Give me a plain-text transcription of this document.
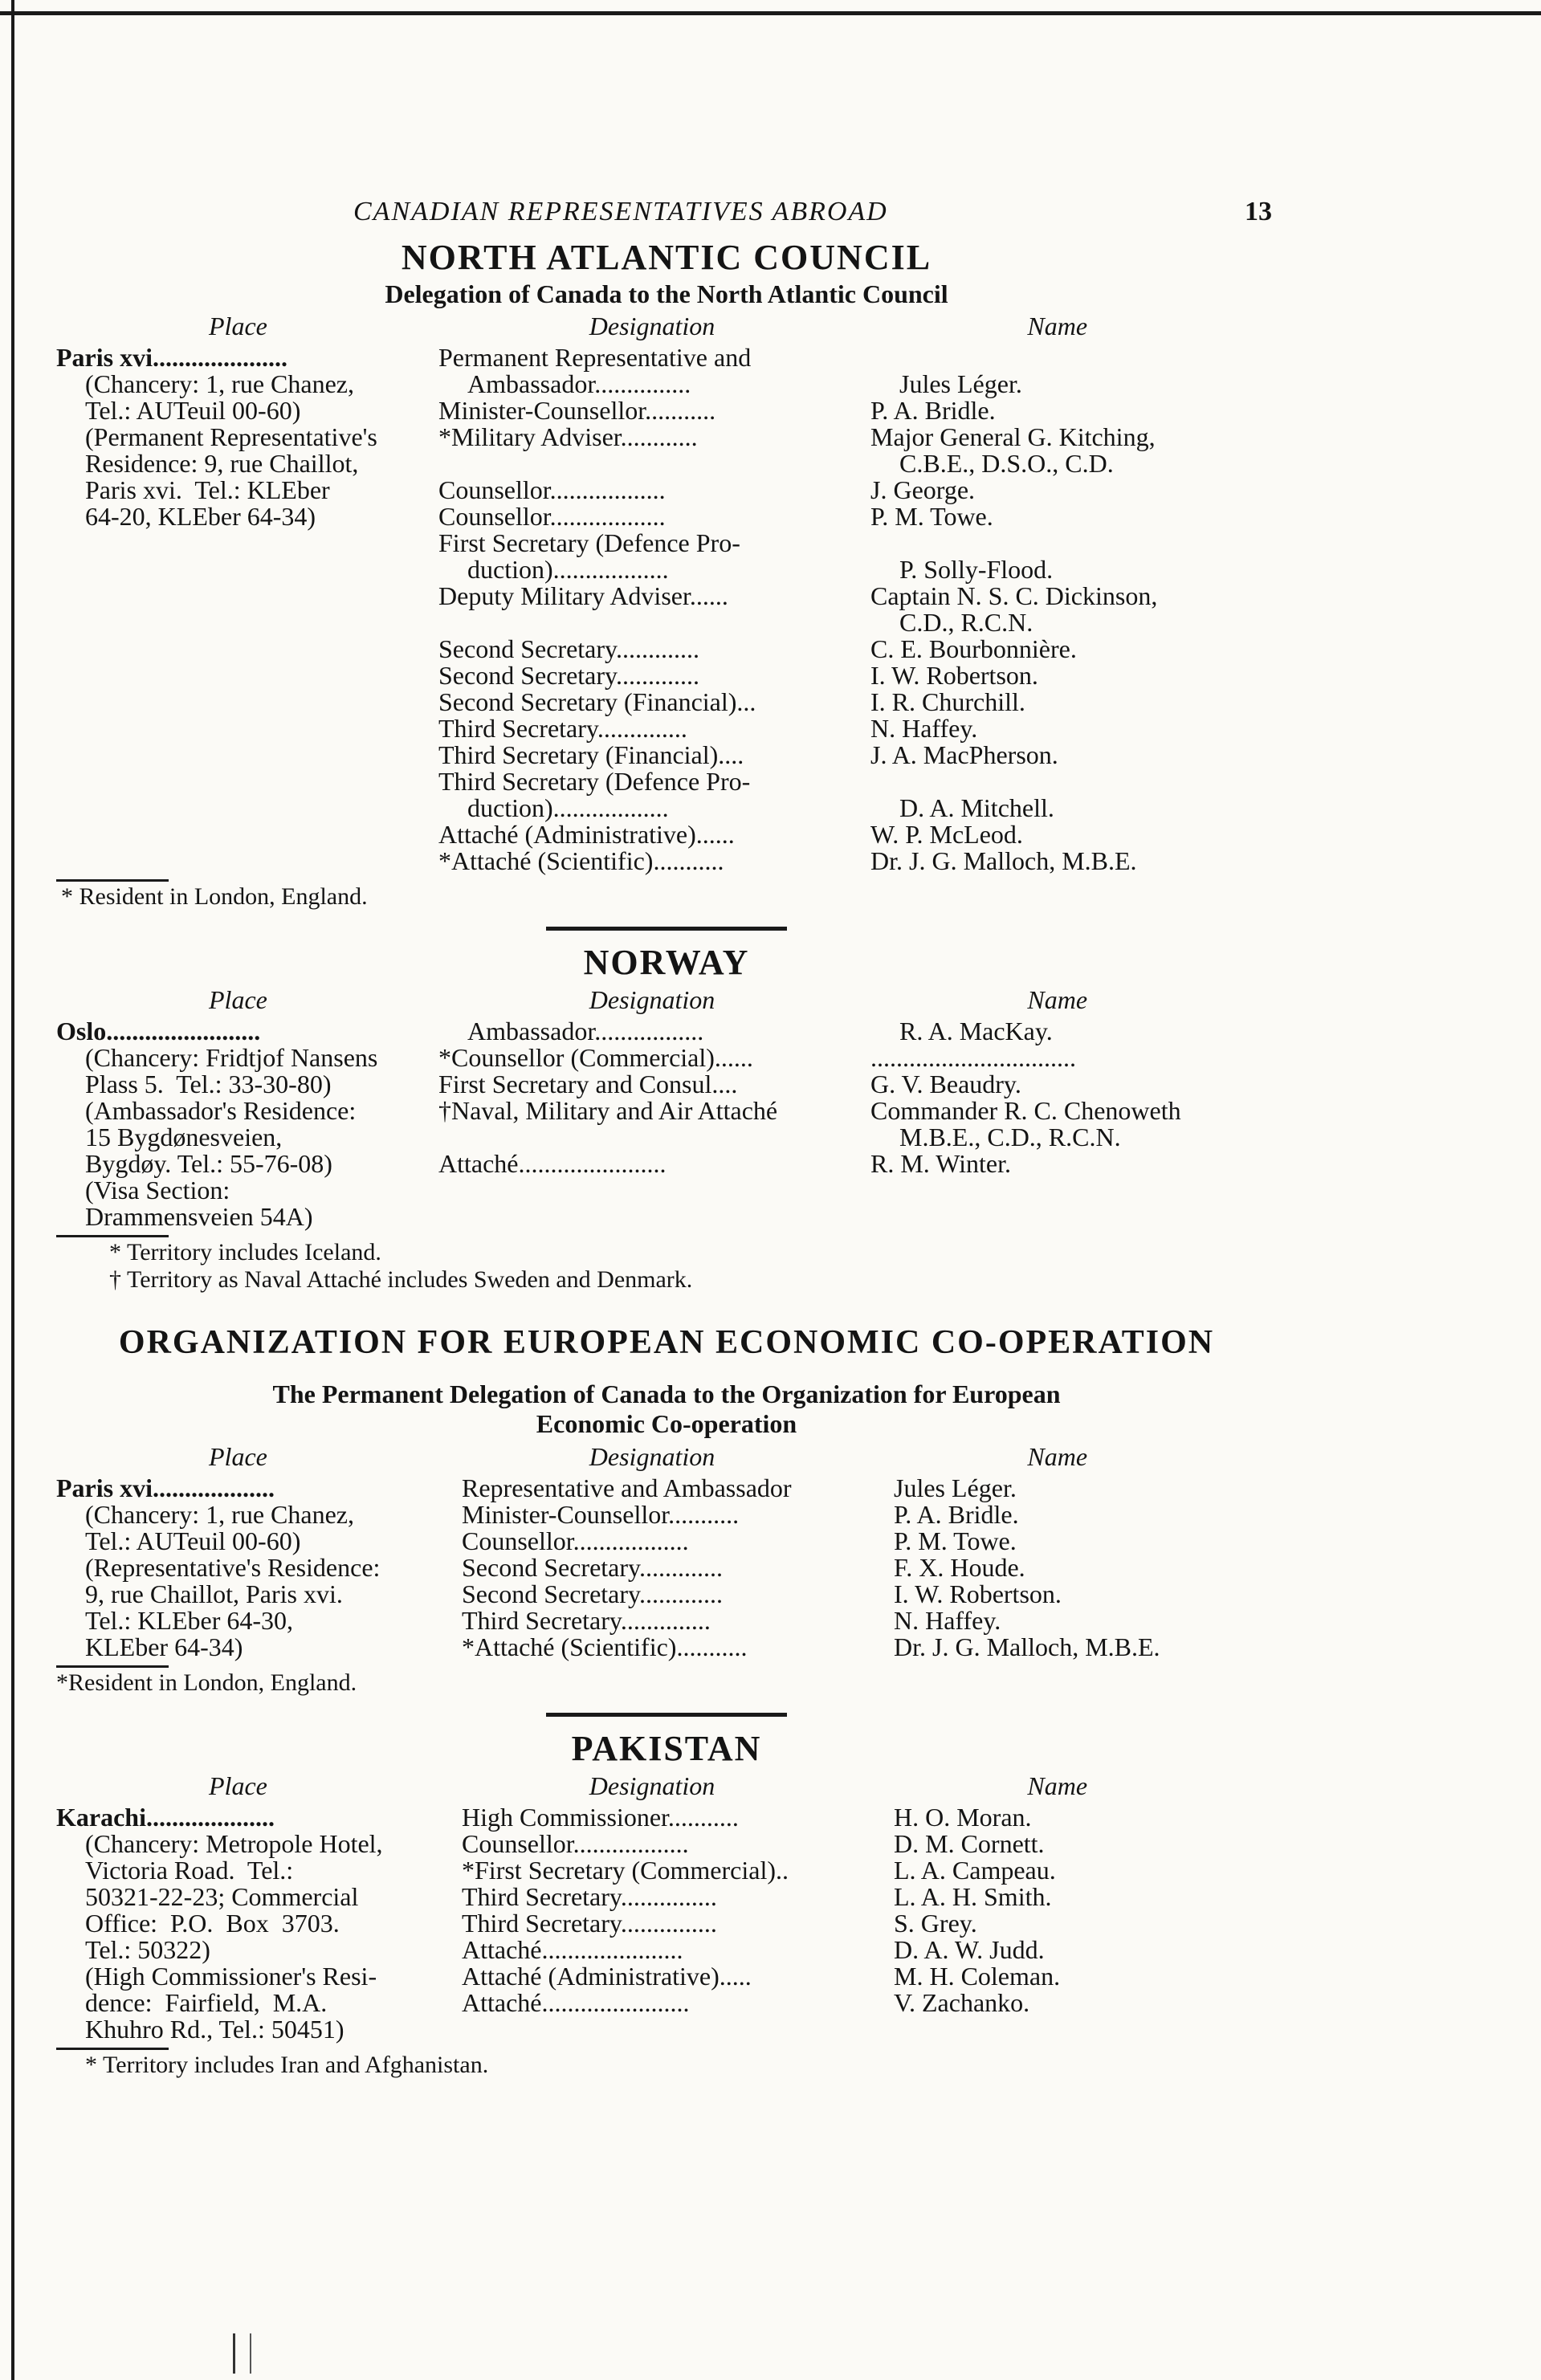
CANADIAN REPRESENTATIVES ABROAD	13
NORTH ATLANTIC COUNCIL
Delegation of Canada to the North Atlantic Council
Place	Designation	Name
Paris xvi.....................
(Chancery: 1, rue Chanez,
Tel.: AUTeuil 00-60)
(Permanent Representative's
Residence: 9, rue Chaillot,
Paris xvi.  Tel.: KLEber
64-20, KLEber 64-34)
Permanent Representative and
Ambassador...............	Jules Léger.
Minister-Counsellor...........	P. A. Bridle.
*Military Adviser............	Major General G. Kitching,
C.B.E., D.S.O., C.D.
Counsellor..................	J. George.
Counsellor..................	P. M. Towe.
First Secretary (Defence Pro-
duction)..................	P. Solly-Flood.
Deputy Military Adviser......	Captain N. S. C. Dickinson,
C.D., R.C.N.
Second Secretary.............	C. E. Bourbonnière.
Second Secretary.............	I. W. Robertson.
Second Secretary (Financial)...	I. R. Churchill.
Third Secretary..............	N. Haffey.
Third Secretary (Financial)....	J. A. MacPherson.
Third Secretary (Defence Pro-
duction)..................	D. A. Mitchell.
Attaché (Administrative)......	W. P. McLeod.
*Attaché (Scientific)...........	Dr. J. G. Malloch, M.B.E.
* Resident in London, England.
NORWAY
Place	Designation	Name
Oslo........................
(Chancery: Fridtjof Nansens
Plass 5.  Tel.: 33-30-80)
(Ambassador's Residence:
15 Bygdønesveien,
Bygdøy. Tel.: 55-76-08)
(Visa Section:
Drammensveien 54A)
Ambassador.................	R. A. MacKay.
*Counsellor (Commercial)......	................................
First Secretary and Consul....	G. V. Beaudry.
†Naval, Military and Air Attaché	Commander R. C. Chenoweth
M.B.E., C.D., R.C.N.
Attaché.......................	R. M. Winter.
* Territory includes Iceland.
† Territory as Naval Attaché includes Sweden and Denmark.
ORGANIZATION FOR EUROPEAN ECONOMIC CO-OPERATION
The Permanent Delegation of Canada to the Organization for European
Economic Co-operation
Place	Designation	Name
Paris xvi...................
(Chancery: 1, rue Chanez,
Tel.: AUTeuil 00-60)
(Representative's Residence:
9, rue Chaillot, Paris xvi.
Tel.: KLEber 64-30,
KLEber 64-34)
Representative and Ambassador	Jules Léger.
Minister-Counsellor...........	P. A. Bridle.
Counsellor..................	P. M. Towe.
Second Secretary.............	F. X. Houde.
Second Secretary.............	I. W. Robertson.
Third Secretary..............	N. Haffey.
*Attaché (Scientific)...........	Dr. J. G. Malloch, M.B.E.
*Resident in London, England.
PAKISTAN
Place	Designation	Name
Karachi....................
(Chancery: Metropole Hotel,
Victoria Road.  Tel.:
50321-22-23; Commercial
Office:  P.O.  Box  3703.
Tel.: 50322)
(High Commissioner's Resi-
dence:  Fairfield,  M.A.
Khuhro Rd., Tel.: 50451)
High Commissioner...........	H. O. Moran.
Counsellor..................	D. M. Cornett.
*First Secretary (Commercial)..	L. A. Campeau.
Third Secretary...............	L. A. H. Smith.
Third Secretary...............	S. Grey.
Attaché......................	D. A. W. Judd.
Attaché (Administrative).....	M. H. Coleman.
Attaché.......................	V. Zachanko.
* Territory includes Iran and Afghanistan.
